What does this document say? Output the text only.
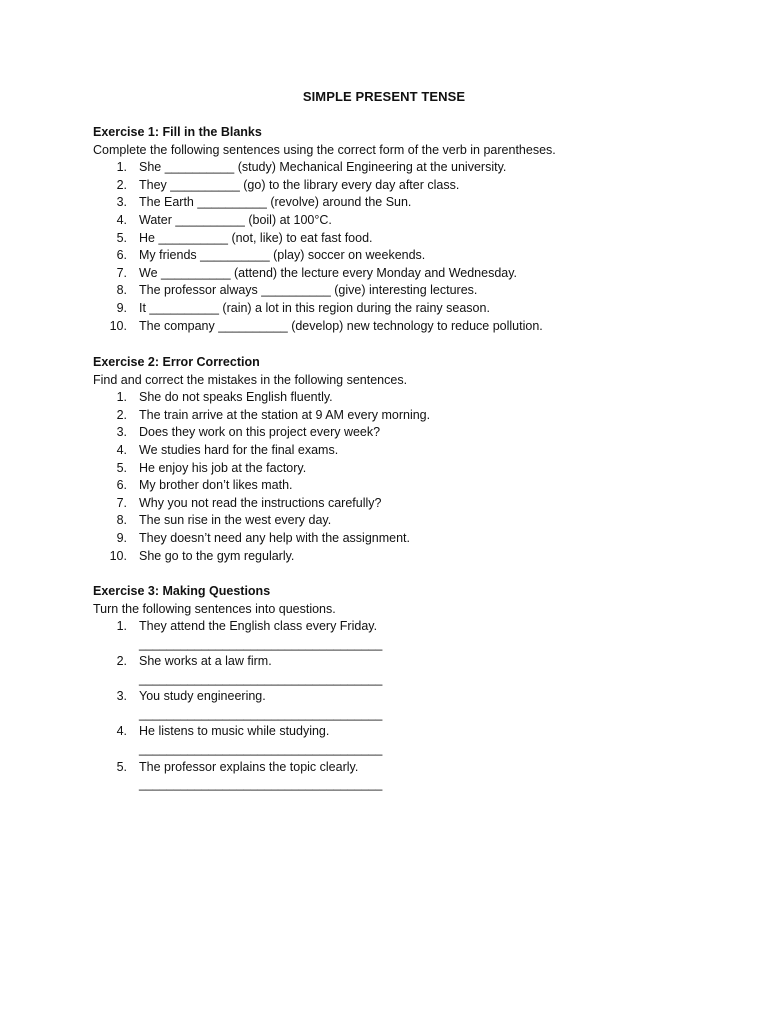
SIMPLE PRESENT TENSE
Exercise 1: Fill in the Blanks
Complete the following sentences using the correct form of the verb in parentheses.
1. She __________ (study) Mechanical Engineering at the university.
2. They __________ (go) to the library every day after class.
3. The Earth __________ (revolve) around the Sun.
4. Water __________ (boil) at 100°C.
5. He __________ (not, like) to eat fast food.
6. My friends __________ (play) soccer on weekends.
7. We __________ (attend) the lecture every Monday and Wednesday.
8. The professor always __________ (give) interesting lectures.
9. It __________ (rain) a lot in this region during the rainy season.
10. The company __________ (develop) new technology to reduce pollution.
Exercise 2: Error Correction
Find and correct the mistakes in the following sentences.
1. She do not speaks English fluently.
2. The train arrive at the station at 9 AM every morning.
3. Does they work on this project every week?
4. We studies hard for the final exams.
5. He enjoy his job at the factory.
6. My brother don’t likes math.
7. Why you not read the instructions carefully?
8. The sun rise in the west every day.
9. They doesn’t need any help with the assignment.
10. She go to the gym regularly.
Exercise 3: Making Questions
Turn the following sentences into questions.
1. They attend the English class every Friday.
___________________________________
2. She works at a law firm.
___________________________________
3. You study engineering.
___________________________________
4. He listens to music while studying.
___________________________________
5. The professor explains the topic clearly.
___________________________________
